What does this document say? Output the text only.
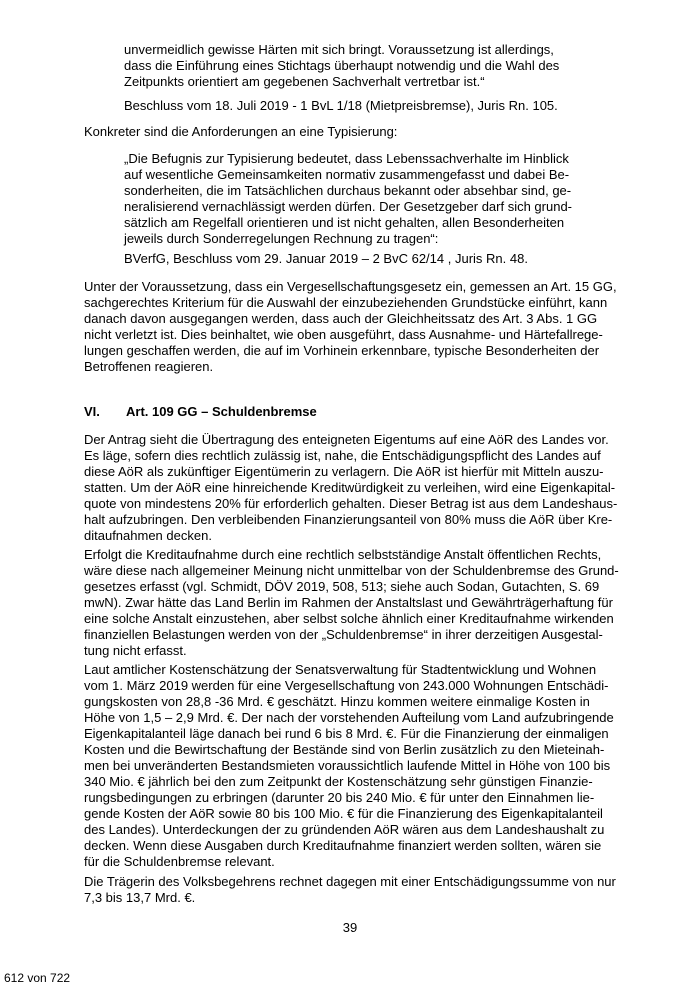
unvermeidlich gewisse Härten mit sich bringt. Voraussetzung ist allerdings,
dass die Einführung eines Stichtags überhaupt notwendig und die Wahl des
Zeitpunkts orientiert am gegebenen Sachverhalt vertretbar ist.“
Beschluss vom 18. Juli 2019 - 1 BvL 1/18 (Mietpreisbremse), Juris Rn. 105.
Konkreter sind die Anforderungen an eine Typisierung:
„Die Befugnis zur Typisierung bedeutet, dass Lebenssachverhalte im Hinblick
auf wesentliche Gemeinsamkeiten normativ zusammengefasst und dabei Be-
sonderheiten, die im Tatsächlichen durchaus bekannt oder absehbar sind, ge-
neralisierend vernachlässigt werden dürfen. Der Gesetzgeber darf sich grund-
sätzlich am Regelfall orientieren und ist nicht gehalten, allen Besonderheiten
jeweils durch Sonderregelungen Rechnung zu tragen“:
BVerfG, Beschluss vom 29. Januar 2019 – 2 BvC 62/14 , Juris Rn. 48.
Unter der Voraussetzung, dass ein Vergesellschaftungsgesetz ein, gemessen an Art. 15 GG,
sachgerechtes Kriterium für die Auswahl der einzubeziehenden Grundstücke einführt, kann
danach davon ausgegangen werden, dass auch der Gleichheitssatz des Art. 3 Abs. 1 GG
nicht verletzt ist. Dies beinhaltet, wie oben ausgeführt, dass Ausnahme- und Härtefallrege-
lungen geschaffen werden, die auf im Vorhinein erkennbare, typische Besonderheiten der
Betroffenen reagieren.
VI. Art. 109 GG – Schuldenbremse
Der Antrag sieht die Übertragung des enteigneten Eigentums auf eine AöR des Landes vor.
Es läge, sofern dies rechtlich zulässig ist, nahe, die Entschädigungspflicht des Landes auf
diese AöR als zukünftiger Eigentümerin zu verlagern. Die AöR ist hierfür mit Mitteln auszu-
statten. Um der AöR eine hinreichende Kreditwürdigkeit zu verleihen, wird eine Eigenkapital-
quote von mindestens 20% für erforderlich gehalten. Dieser Betrag ist aus dem Landeshaus-
halt aufzubringen. Den verbleibenden Finanzierungsanteil von 80% muss die AöR über Kre-
ditaufnahmen decken.
Erfolgt die Kreditaufnahme durch eine rechtlich selbstständige Anstalt öffentlichen Rechts,
wäre diese nach allgemeiner Meinung nicht unmittelbar von der Schuldenbremse des Grund-
gesetzes erfasst (vgl. Schmidt, DÖV 2019, 508, 513; siehe auch Sodan, Gutachten, S. 69
mwN). Zwar hätte das Land Berlin im Rahmen der Anstaltslast und Gewährträgerhaftung für
eine solche Anstalt einzustehen, aber selbst solche ähnlich einer Kreditaufnahme wirkenden
finanziellen Belastungen werden von der „Schuldenbremse“ in ihrer derzeitigen Ausgestal-
tung nicht erfasst.
Laut amtlicher Kostenschätzung der Senatsverwaltung für Stadtentwicklung und Wohnen
vom 1. März 2019 werden für eine Vergesellschaftung von 243.000 Wohnungen Entschädi-
gungskosten von 28,8 -36 Mrd. € geschätzt. Hinzu kommen weitere einmalige Kosten in
Höhe von 1,5 – 2,9 Mrd. €. Der nach der vorstehenden Aufteilung vom Land aufzubringende
Eigenkapitalanteil läge danach bei rund 6 bis 8 Mrd. €. Für die Finanzierung der einmaligen
Kosten und die Bewirtschaftung der Bestände sind von Berlin zusätzlich zu den Mieteinah-
men bei unveränderten Bestandsmieten voraussichtlich laufende Mittel in Höhe von 100 bis
340 Mio. € jährlich bei den zum Zeitpunkt der Kostenschätzung sehr günstigen Finanzie-
rungsbedingungen zu erbringen (darunter 20 bis 240 Mio. € für unter den Einnahmen lie-
gende Kosten der AöR sowie 80 bis 100 Mio. € für die Finanzierung des Eigenkapitalanteil
des Landes). Unterdeckungen der zu gründenden AöR wären aus dem Landeshaushalt zu
decken. Wenn diese Ausgaben durch Kreditaufnahme finanziert werden sollten, wären sie
für die Schuldenbremse relevant.
Die Trägerin des Volksbegehrens rechnet dagegen mit einer Entschädigungssumme von nur
7,3 bis 13,7 Mrd. €.
39
612 von 722
